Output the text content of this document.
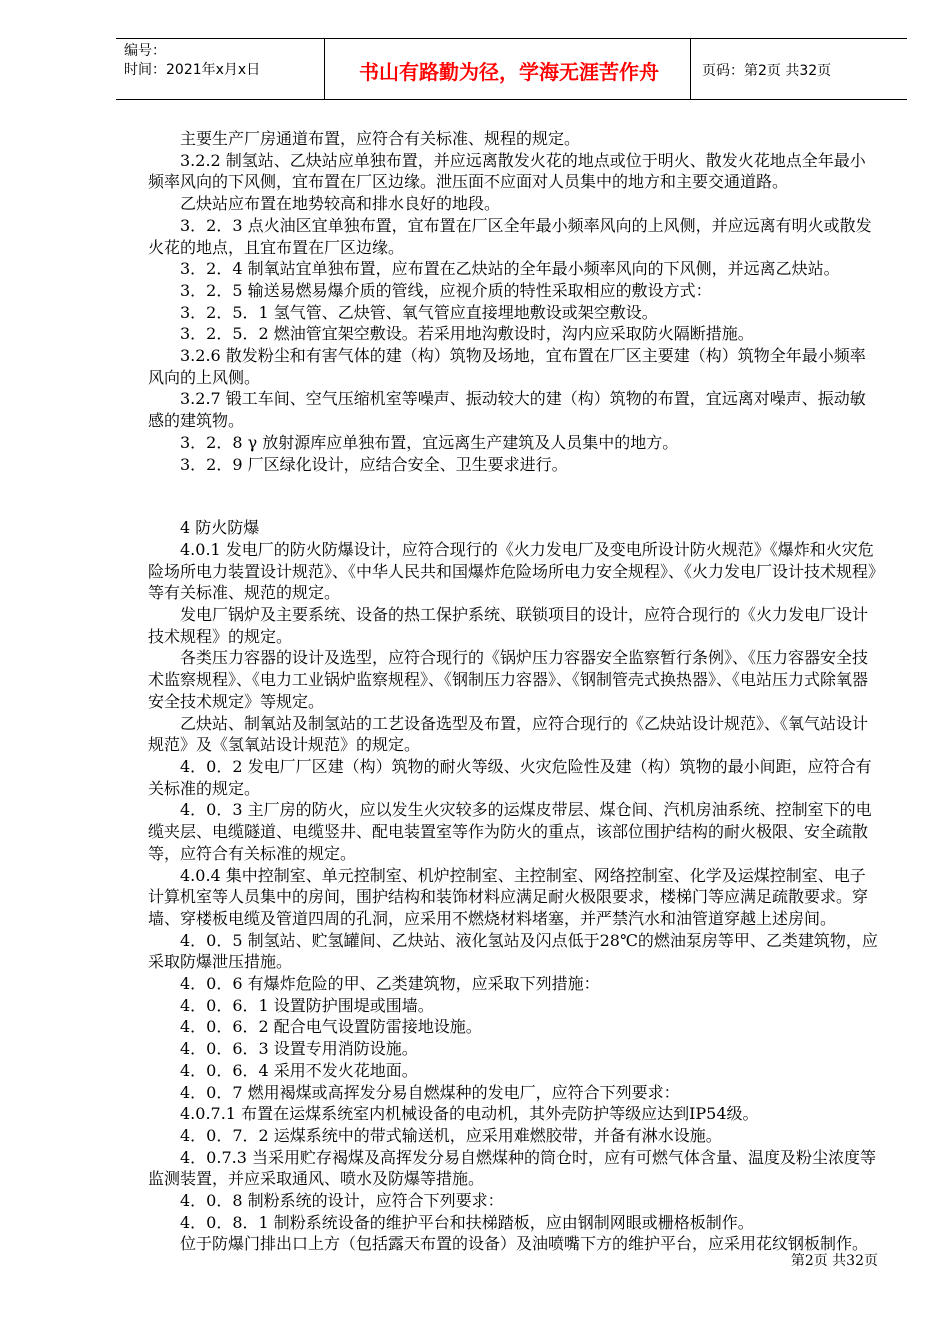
编号：
时间：2021年x月x日	书山有路勤为径，学海无涯苦作舟	页码：第2页 共32页

主要生产厂房通道布置，应符合有关标准、规程的规定。

3.2.2 制氢站、乙炔站应单独布置，并应远离散发火花的地点或位于明火、散发火花地点全年最小频率风向的下风侧，宜布置在厂区边缘。泄压面不应面对人员集中的地方和主要交通道路。

乙炔站应布置在地势较高和排水良好的地段。

3．2．3 点火油区宜单独布置，宜布置在厂区全年最小频率风向的上风侧，并应远离有明火或散发火花的地点，且宜布置在厂区边缘。

3．2．4 制氧站宜单独布置，应布置在乙炔站的全年最小频率风向的下风侧，并远离乙炔站。

3．2．5 输送易燃易爆介质的管线，应视介质的特性采取相应的敷设方式：

3．2．5．1 氢气管、乙炔管、氧气管应直接埋地敷设或架空敷设。

3．2．5．2 燃油管宜架空敷设。若采用地沟敷设时，沟内应采取防火隔断措施。

3.2.6 散发粉尘和有害气体的建（构）筑物及场地，宜布置在厂区主要建（构）筑物全年最小频率风向的上风侧。

3.2.7 锻工车间、空气压缩机室等噪声、振动较大的建（构）筑物的布置，宜远离对噪声、振动敏感的建筑物。

3．2．8 γ 放射源库应单独布置，宜远离生产建筑及人员集中的地方。

3．2．9 厂区绿化设计，应结合安全、卫生要求进行。

4 防火防爆

4.0.1 发电厂的防火防爆设计，应符合现行的《火力发电厂及变电所设计防火规范》《爆炸和火灾危险场所电力装置设计规范》、《中华人民共和国爆炸危险场所电力安全规程》、《火力发电厂设计技术规程》等有关标准、规范的规定。

发电厂锅炉及主要系统、设备的热工保护系统、联锁项目的设计，应符合现行的《火力发电厂设计技术规程》的规定。

各类压力容器的设计及选型，应符合现行的《锅炉压力容器安全监察暂行条例》、《压力容器安全技术监察规程》、《电力工业锅炉监察规程》、《钢制压力容器》、《钢制管壳式换热器》、《电站压力式除氧器安全技术规定》等规定。

乙炔站、制氧站及制氢站的工艺设备选型及布置，应符合现行的《乙炔站设计规范》、《氧气站设计规范》及《氢氧站设计规范》的规定。

4．0．2 发电厂厂区建（构）筑物的耐火等级、火灾危险性及建（构）筑物的最小间距，应符合有关标准的规定。

4．0．3 主厂房的防火，应以发生火灾较多的运煤皮带层、煤仓间、汽机房油系统、控制室下的电缆夹层、电缆隧道、电缆竖井、配电装置室等作为防火的重点，该部位围护结构的耐火极限、安全疏散等，应符合有关标准的规定。

4.0.4 集中控制室、单元控制室、机炉控制室、主控制室、网络控制室、化学及运煤控制室、电子计算机室等人员集中的房间，围护结构和装饰材料应满足耐火极限要求，楼梯门等应满足疏散要求。穿墙、穿楼板电缆及管道四周的孔洞，应采用不燃烧材料堵塞，并严禁汽水和油管道穿越上述房间。

4．0．5 制氢站、贮氢罐间、乙炔站、液化氢站及闪点低于28℃的燃油泵房等甲、乙类建筑物，应采取防爆泄压措施。

4．0．6 有爆炸危险的甲、乙类建筑物，应采取下列措施：

4．0．6．1 设置防护围堤或围墙。

4．0．6．2 配合电气设置防雷接地设施。

4．0．6．3 设置专用消防设施。

4．0．6．4 采用不发火花地面。

4．0．7 燃用褐煤或高挥发分易自燃煤种的发电厂，应符合下列要求：

4.0.7.1 布置在运煤系统室内机械设备的电动机，其外壳防护等级应达到IP54级。

4．0．7．2 运煤系统中的带式输送机，应采用难燃胶带，并备有淋水设施。

4．0.7.3 当采用贮存褐煤及高挥发分易自燃煤种的筒仓时，应有可燃气体含量、温度及粉尘浓度等监测装置，并应采取通风、喷水及防爆等措施。

4．0．8 制粉系统的设计，应符合下列要求：

4．0．8．1 制粉系统设备的维护平台和扶梯踏板，应由钢制网眼或栅格板制作。

位于防爆门排出口上方（包括露天布置的设备）及油喷嘴下方的维护平台，应采用花纹钢板制作。

第2页 共32页
